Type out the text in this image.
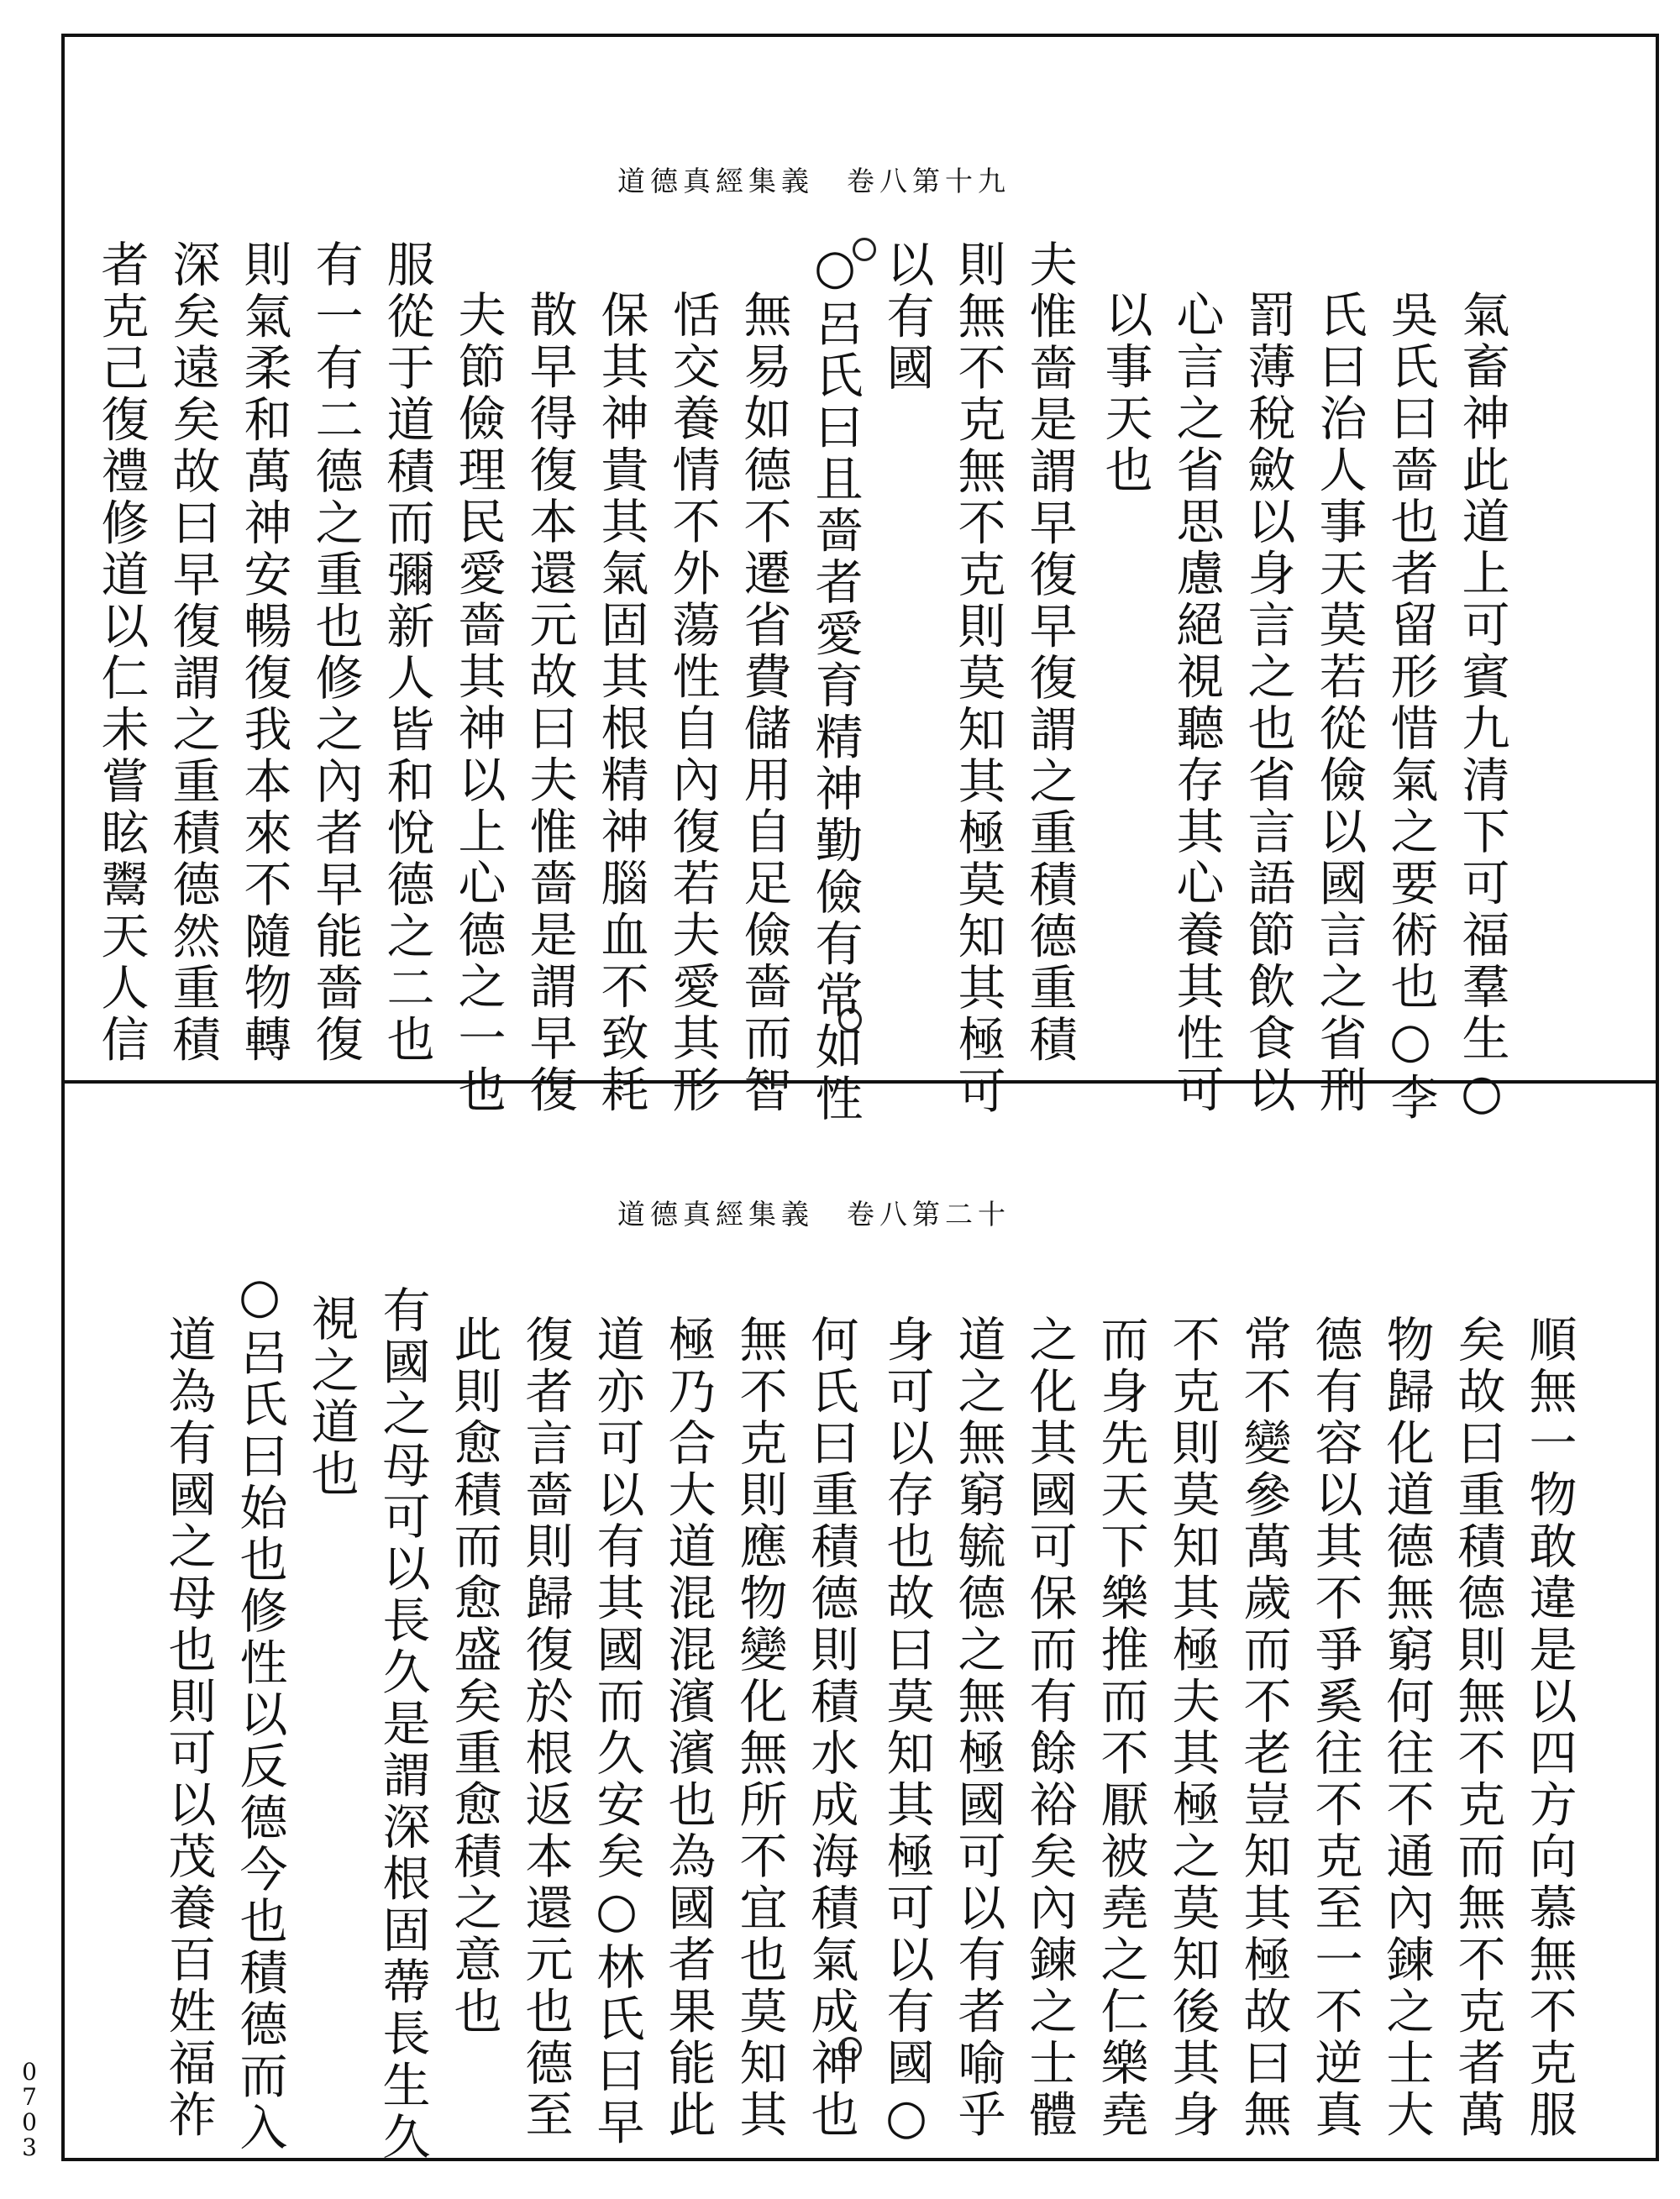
道德真經集義　卷八第十九
道德真經集義　卷八第二十
0703
氣畜神此道上可賓九清下可福羣生○
吳氏曰嗇也者留形惜氣之要術也○李
氏曰治人事天莫若從儉以國言之省刑
罰薄稅斂以身言之也省言語節飲食以
心言之省思慮絕視聽存其心養其性可
以事天也
夫惟嗇是謂早復早復謂之重積德重積
則無不克無不克則莫知其極莫知其極可
以有國
○呂氏曰且嗇者愛育精神勤儉有常如性
無易如德不遷省費儲用自足儉嗇而智
恬交養情不外蕩性自內復若夫愛其形
保其神貴其氣固其根精神腦血不致耗
散早得復本還元故曰夫惟嗇是謂早復
夫節儉理民愛嗇其神以上心德之一也
服從于道積而彌新人皆和悅德之二也
有一有二德之重也修之內者早能嗇復
則氣柔和萬神安暢復我本來不隨物轉
深矣遠矣故曰早復謂之重積德然重積
者克己復禮修道以仁未嘗眩鬻天人信
順無一物敢違是以四方向慕無不克服
矣故曰重積德則無不克而無不克者萬
物歸化道德無窮何往不通內鍊之士大
德有容以其不爭奚往不克至一不逆真
常不變參萬歲而不老豈知其極故曰無
不克則莫知其極夫其極之莫知後其身
而身先天下樂推而不厭被堯之仁樂堯
之化其國可保而有餘裕矣內鍊之士體
道之無窮毓德之無極國可以有者喻乎
身可以存也故曰莫知其極可以有國○
何氏曰重積德則積水成海積氣成神也
無不克則應物變化無所不宜也莫知其
極乃合大道混混濱濱也為國者果能此
道亦可以有其國而久安矣○林氏曰早
復者言嗇則歸復於根返本還元也德至
此則愈積而愈盛矣重愈積之意也
有國之母可以長久是謂深根固蔕長生久
視之道也
○呂氏曰始也修性以反德今也積德而入
道為有國之母也則可以茂養百姓福祚
